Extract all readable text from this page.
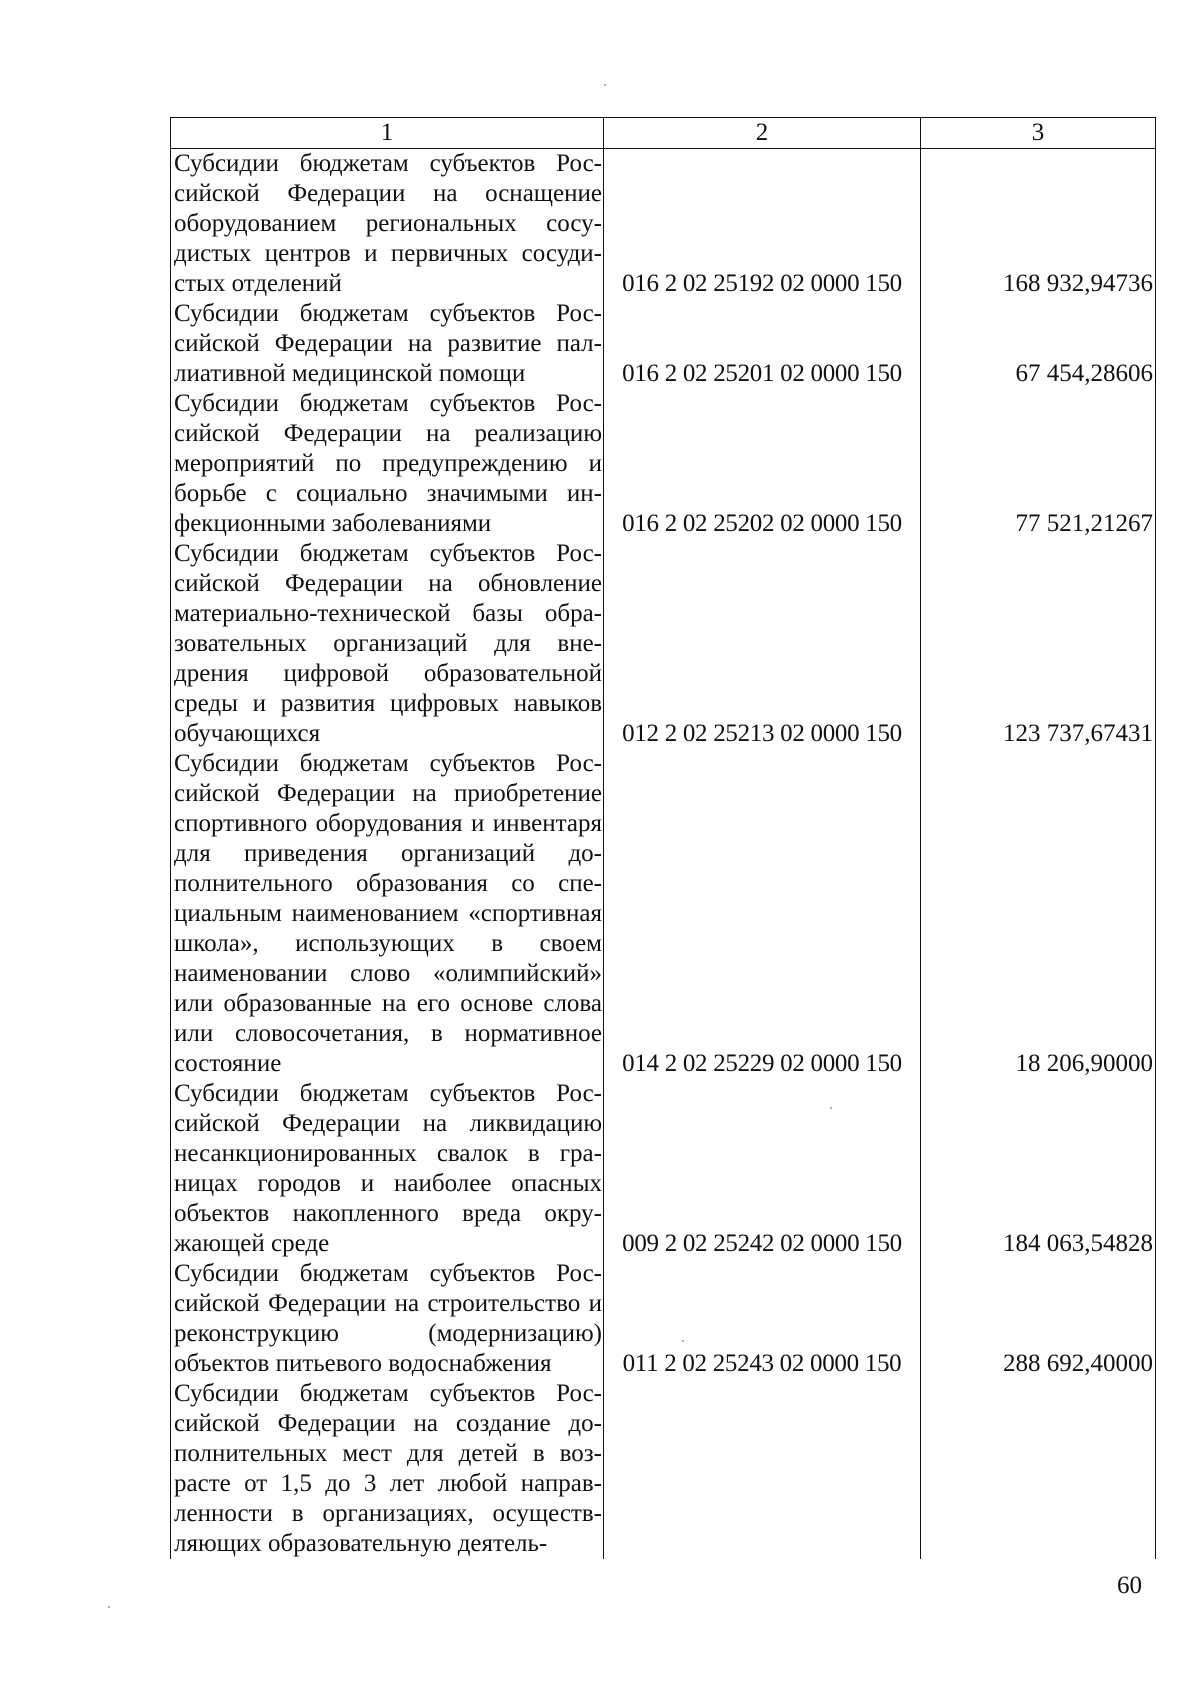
1	2	3
Субсидии бюджетам субъектов Российской Федерации на оснащение оборудованием региональных сосудистых центров и первичных сосудистых отделений	016 2 02 25192 02 0000 150	168 932,94736
Субсидии бюджетам субъектов Российской Федерации на развитие паллиативной медицинской помощи	016 2 02 25201 02 0000 150	67 454,28606
Субсидии бюджетам субъектов Российской Федерации на реализацию мероприятий по предупреждению и борьбе с социально значимыми инфекционными заболеваниями	016 2 02 25202 02 0000 150	77 521,21267
Субсидии бюджетам субъектов Российской Федерации на обновление материально-технической базы образовательных организаций для внедрения цифровой образовательной среды и развития цифровых навыков обучающихся	012 2 02 25213 02 0000 150	123 737,67431
Субсидии бюджетам субъектов Российской Федерации на приобретение спортивного оборудования и инвентаря для приведения организаций дополнительного образования со специальным наименованием «спортивная школа», использующих в своем наименовании слово «олимпийский» или образованные на его основе слова или словосочетания, в нормативное состояние	014 2 02 25229 02 0000 150	18 206,90000
Субсидии бюджетам субъектов Российской Федерации на ликвидацию несанкционированных свалок в границах городов и наиболее опасных объектов накопленного вреда окружающей среде	009 2 02 25242 02 0000 150	184 063,54828
Субсидии бюджетам субъектов Российской Федерации на строительство и реконструкцию (модернизацию) объектов питьевого водоснабжения	011 2 02 25243 02 0000 150	288 692,40000
Субсидии бюджетам субъектов Российской Федерации на создание дополнительных мест для детей в возрасте от 1,5 до 3 лет любой направленности в организациях, осуществляющих образовательную деятель-		
60
